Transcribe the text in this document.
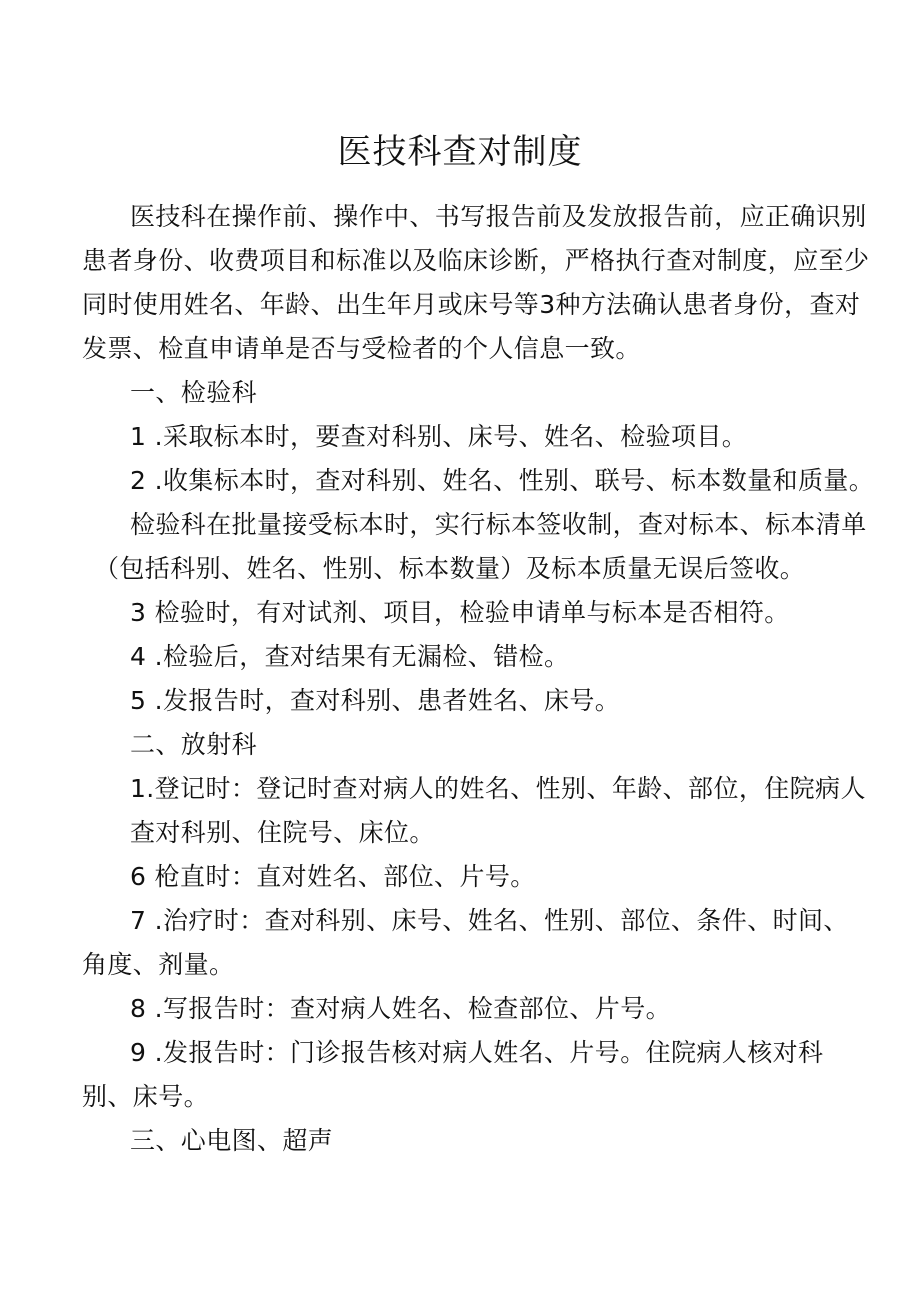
医技科查对制度
医技科在操作前、操作中、书写报告前及发放报告前，应正确识别
患者身份、收费项目和标准以及临床诊断，严格执行查对制度，应至少
同时使用姓名、年龄、出生年月或床号等3种方法确认患者身份，查对
发票、检直申请单是否与受检者的个人信息一致。
一、检验科
1 .采取标本时，要查对科别、床号、姓名、检验项目。
2 .收集标本时，查对科别、姓名、性别、联号、标本数量和质量。
检验科在批量接受标本时，实行标本签收制，查对标本、标本清单
（包括科别、姓名、性别、标本数量）及标本质量无误后签收。
3 检验时，有对试剂、项目，检验申请单与标本是否相符。
4 .检验后，查对结果有无漏检、错检。
5 .发报告时，查对科别、患者姓名、床号。
二、放射科
1.登记时：登记时查对病人的姓名、性别、年龄、部位，住院病人
查对科别、住院号、床位。
6 枪直时：直对姓名、部位、片号。
7 .治疗时：查对科别、床号、姓名、性别、部位、条件、时间、
角度、剂量。
8 .写报告时：查对病人姓名、检查部位、片号。
9 .发报告时：门诊报告核对病人姓名、片号。住院病人核对科
别、床号。
三、心电图、超声
